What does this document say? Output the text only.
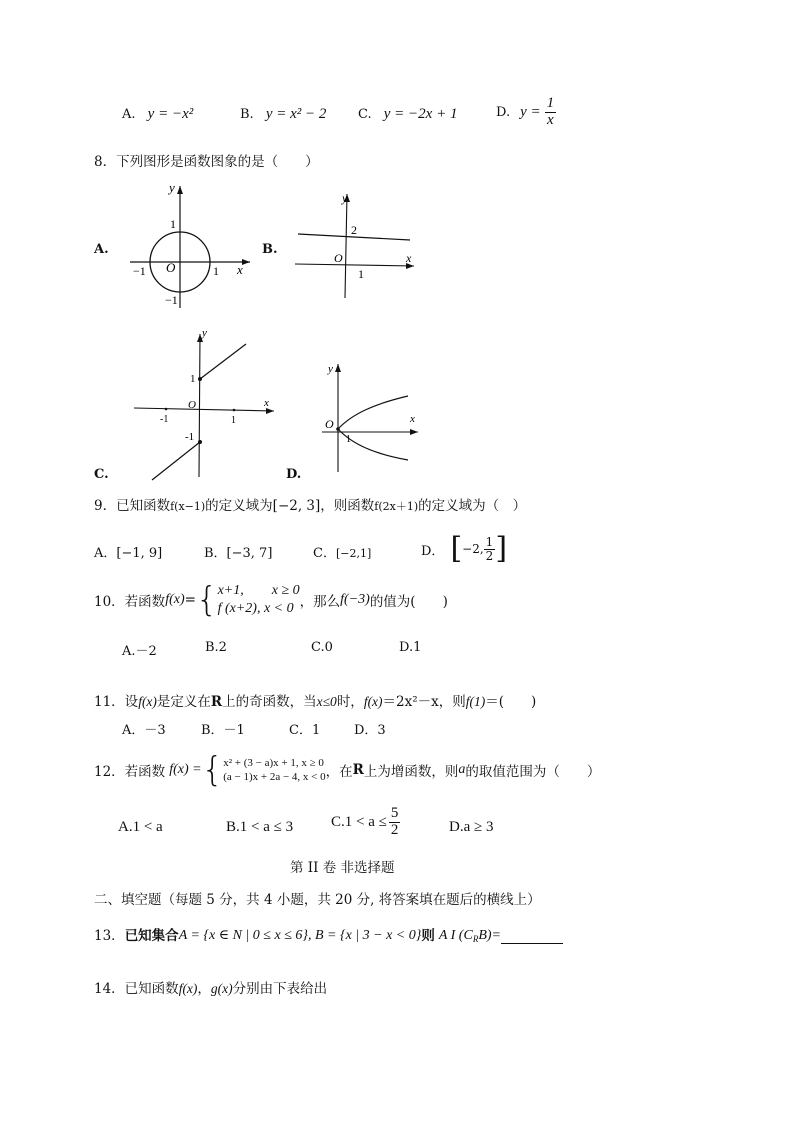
A. y = −x²	B. y = x² − 2 C. y = −2x + 1	D. $y = \frac{1}{x}$
8．下列图形是函数图象的是（　　）
A.
y
1
−1 O	1 x
−1
B.
y
2
O
1
x
C.
y
1
O
-1	1
x
-1
D.
y
O
1
x
9．已知函数f(x−1)的定义域为[−2, 3]，则函数f(2x＋1)的定义域为（　）
A．[−1, 9]	B．[−3, 7]	C．[−2,1]	D． [ −2, $\frac{1}{2}$ ]
10．若函数 f(x) = { x+1,　　x ≥ 0
f (x+2), x < 0 ，那么 f(−3) 的值为(　　)
A.－2	B.2	C.0	D.1
11．设f(x)是定义在R上的奇函数，当x≤0时，f(x)＝2x²－x，则f(1)＝(　　)
A．－3	B．－1	C．1	D．3
12．若函数 f(x) = { x² + (3 − a)x + 1, x ≥ 0
(a − 1)x + 2a − 4, x < 0 ，在 R 上为增函数，则 a 的取值范围为（　　）
A.1 < a	B.1 < a ≤ 3	$C.1 < a \le \frac{5}{2}$	D.a ≥ 3
第 II 卷 非选择题
二、填空题（每题 5 分，共 4 小题，共 20 分, 将答案填在题后的横线上）
13． 已知集合 A = {x ∈ N | 0 ≤ x ≤ 6}, B = {x | 3 − x < 0} 则 A I ($C_R$ B)=
14．已知函数f(x)，g(x)分别由下表给出
